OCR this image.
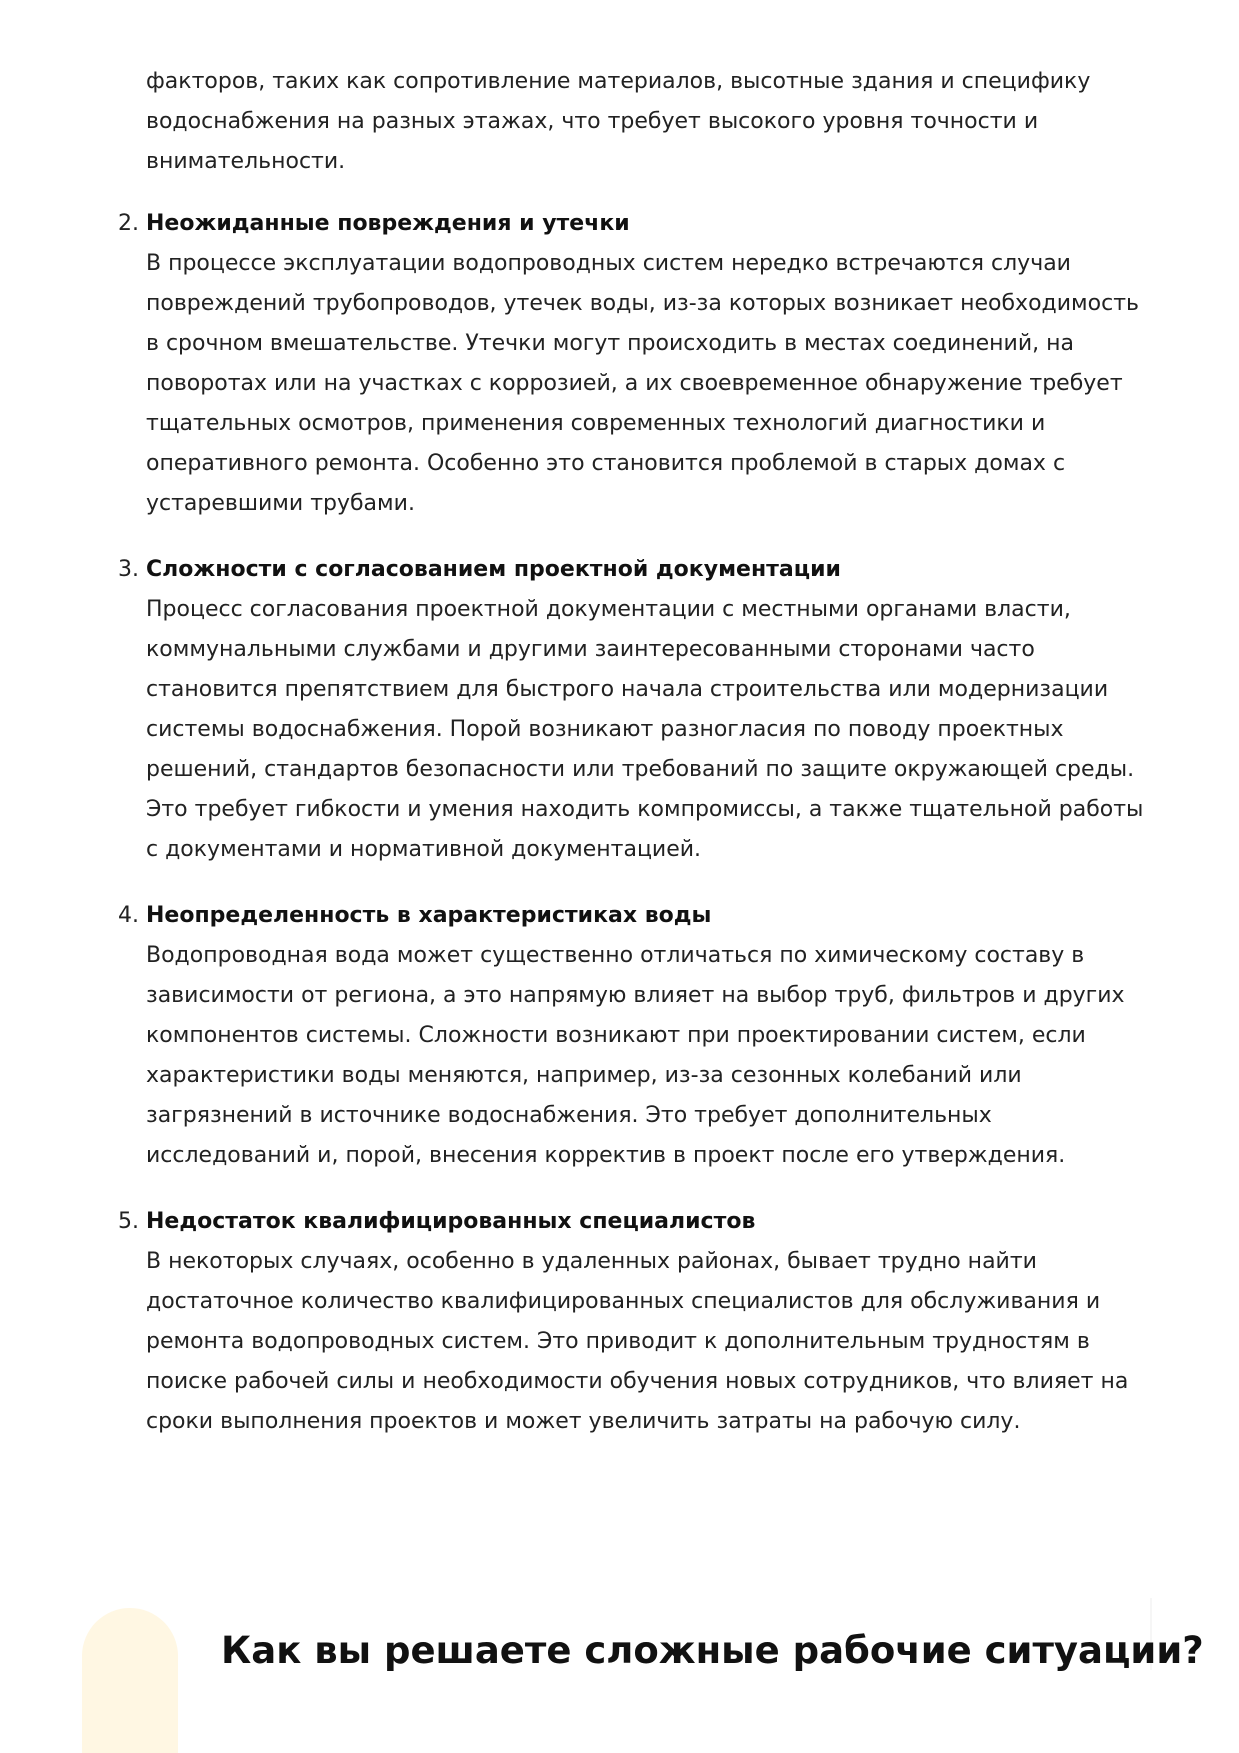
факторов, таких как сопротивление материалов, высотные здания и специфику водоснабжения на разных этажах, что требует высокого уровня точности и внимательности.

2. Неожиданные повреждения и утечки

В процессе эксплуатации водопроводных систем нередко встречаются случаи повреждений трубопроводов, утечек воды, из-за которых возникает необходимость в срочном вмешательстве. Утечки могут происходить в местах соединений, на поворотах или на участках с коррозией, а их своевременное обнаружение требует тщательных осмотров, применения современных технологий диагностики и оперативного ремонта. Особенно это становится проблемой в старых домах с устаревшими трубами.

3. Сложности с согласованием проектной документации

Процесс согласования проектной документации с местными органами власти, коммунальными службами и другими заинтересованными сторонами часто становится препятствием для быстрого начала строительства или модернизации системы водоснабжения. Порой возникают разногласия по поводу проектных решений, стандартов безопасности или требований по защите окружающей среды. Это требует гибкости и умения находить компромиссы, а также тщательной работы с документами и нормативной документацией.

4. Неопределенность в характеристиках воды

Водопроводная вода может существенно отличаться по химическому составу в зависимости от региона, а это напрямую влияет на выбор труб, фильтров и других компонентов системы. Сложности возникают при проектировании систем, если характеристики воды меняются, например, из-за сезонных колебаний или загрязнений в источнике водоснабжения. Это требует дополнительных исследований и, порой, внесения корректив в проект после его утверждения.

5. Недостаток квалифицированных специалистов

В некоторых случаях, особенно в удаленных районах, бывает трудно найти достаточное количество квалифицированных специалистов для обслуживания и ремонта водопроводных систем. Это приводит к дополнительным трудностям в поиске рабочей силы и необходимости обучения новых сотрудников, что влияет на сроки выполнения проектов и может увеличить затраты на рабочую силу.

Как вы решаете сложные рабочие ситуации?
